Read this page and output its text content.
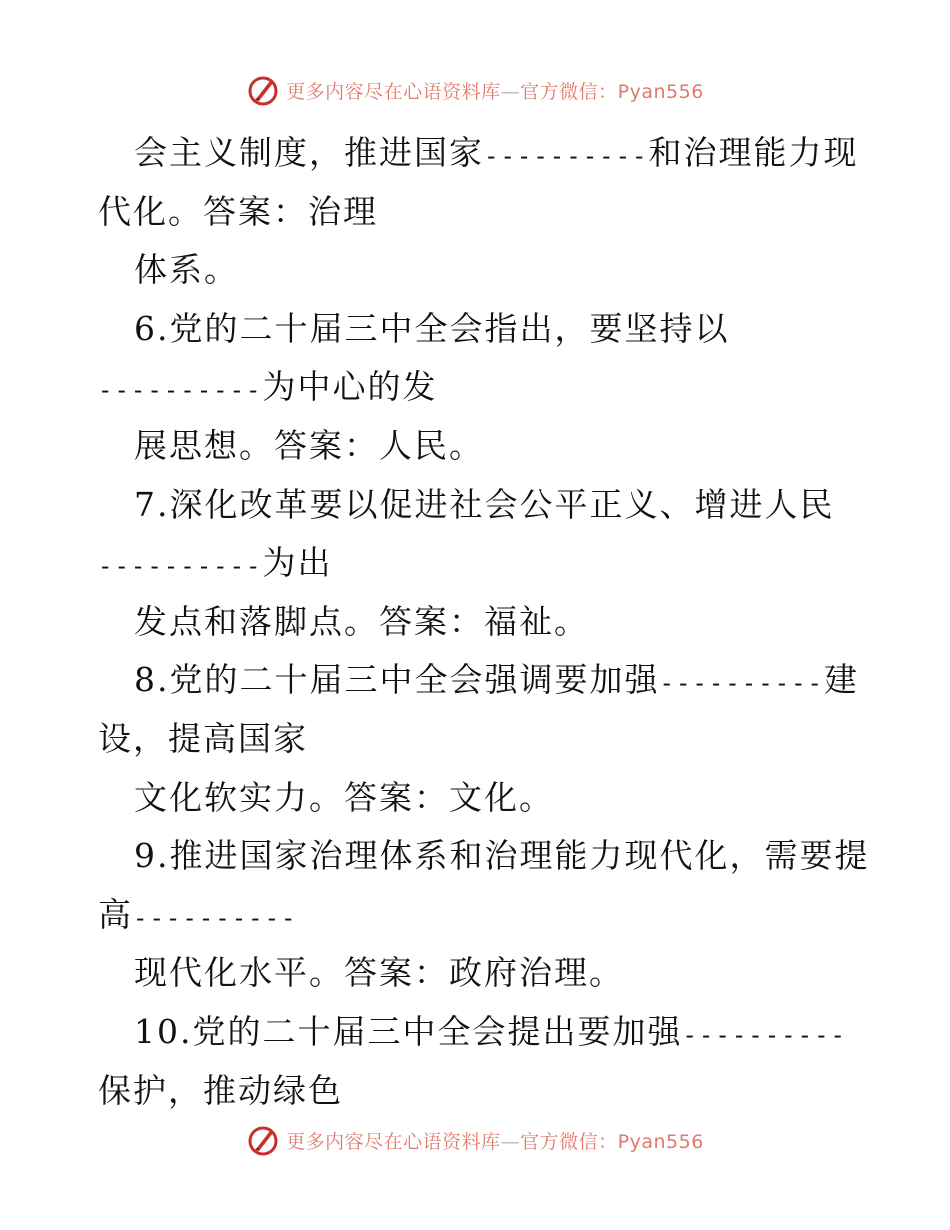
更多内容尽在心语资料库—官方微信：Pyan556
会主义制度，推进国家----------和治理能力现
代化。答案：治理
体系。
6.党的二十届三中全会指出，要坚持以
----------为中心的发
展思想。答案：人民。
7.深化改革要以促进社会公平正义、增进人民
----------为出
发点和落脚点。答案：福祉。
8.党的二十届三中全会强调要加强----------建
设，提高国家
文化软实力。答案：文化。
9.推进国家治理体系和治理能力现代化，需要提
高----------
现代化水平。答案：政府治理。
10.党的二十届三中全会提出要加强----------
保护，推动绿色
更多内容尽在心语资料库—官方微信：Pyan556
